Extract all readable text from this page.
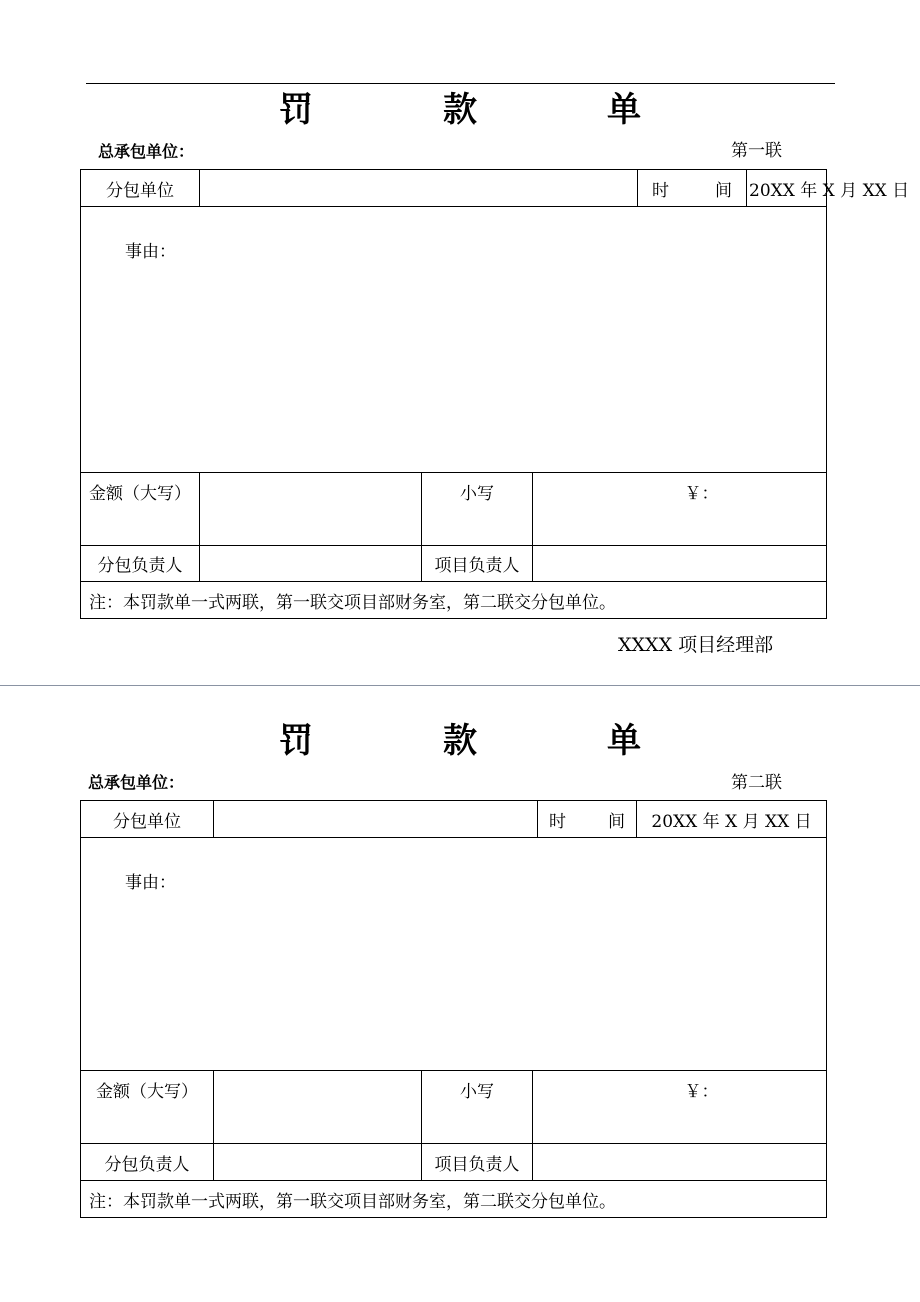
罚　款　单
总承包单位：	第一联
分包单位				时 间	20XX 年 X 月 XX 日
事由：					
金额（大写）		小写	￥：		
分包负责人		项目负责人			
注：本罚款单一式两联，第一联交项目部财务室，第二联交分包单位。					
XXXX 项目经理部
罚　款　单
总承包单位：	第二联
分包单位				时 间	20XX 年 X 月 XX 日
事由：					
金额（大写）		小写	￥：		
分包负责人		项目负责人			
注：本罚款单一式两联，第一联交项目部财务室，第二联交分包单位。					
